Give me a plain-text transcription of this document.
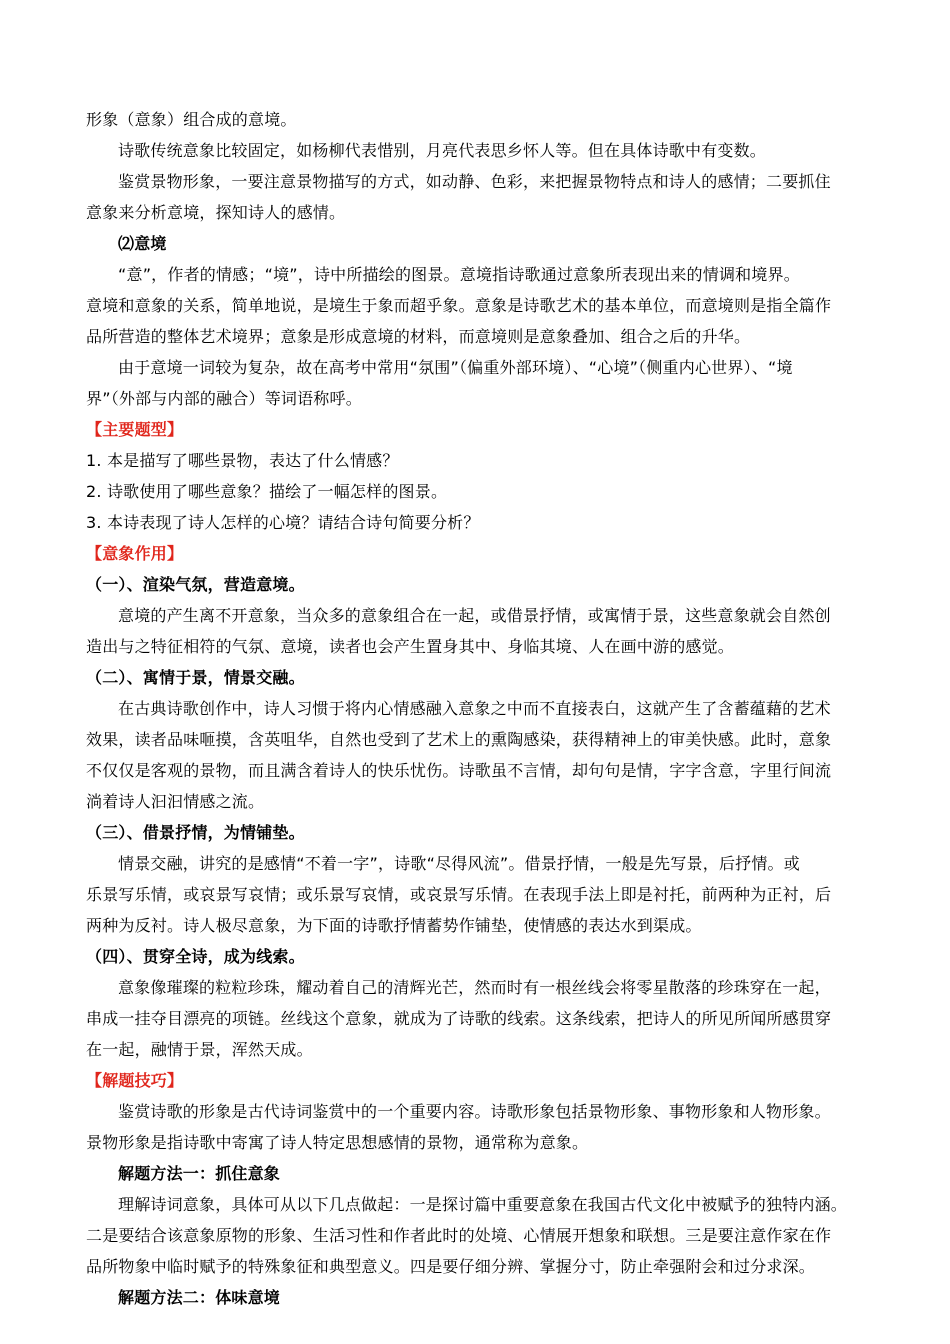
形象（意象）组合成的意境。
诗歌传统意象比较固定，如杨柳代表惜别，月亮代表思乡怀人等。但在具体诗歌中有变数。
鉴赏景物形象，一要注意景物描写的方式，如动静、色彩，来把握景物特点和诗人的感情；二要抓住
意象来分析意境，探知诗人的感情。
⑵意境
“意”，作者的情感；“境”，诗中所描绘的图景。意境指诗歌通过意象所表现出来的情调和境界。
意境和意象的关系，简单地说，是境生于象而超乎象。意象是诗歌艺术的基本单位，而意境则是指全篇作
品所营造的整体艺术境界；意象是形成意境的材料，而意境则是意象叠加、组合之后的升华。
由于意境一词较为复杂，故在高考中常用“氛围”（偏重外部环境）、“心境”（侧重内心世界）、“境
界”（外部与内部的融合）等词语称呼。
【主要题型】
1. 本是描写了哪些景物，表达了什么情感？
2. 诗歌使用了哪些意象？描绘了一幅怎样的图景。
3. 本诗表现了诗人怎样的心境？请结合诗句简要分析？
【意象作用】
（一）、渲染气氛，营造意境。
意境的产生离不开意象，当众多的意象组合在一起，或借景抒情，或寓情于景，这些意象就会自然创
造出与之特征相符的气氛、意境，读者也会产生置身其中、身临其境、人在画中游的感觉。
（二）、寓情于景，情景交融。
在古典诗歌创作中，诗人习惯于将内心情感融入意象之中而不直接表白，这就产生了含蓄蕴藉的艺术
效果，读者品味咂摸，含英咀华，自然也受到了艺术上的熏陶感染，获得精神上的审美快感。此时，意象
不仅仅是客观的景物，而且满含着诗人的快乐忧伤。诗歌虽不言情，却句句是情，字字含意，字里行间流
淌着诗人汩汩情感之流。
（三）、借景抒情，为情铺垫。
情景交融，讲究的是感情“不着一字”，诗歌“尽得风流”。借景抒情，一般是先写景，后抒情。或
乐景写乐情，或哀景写哀情；或乐景写哀情，或哀景写乐情。在表现手法上即是衬托，前两种为正衬，后
两种为反衬。诗人极尽意象，为下面的诗歌抒情蓄势作铺垫，使情感的表达水到渠成。
（四）、贯穿全诗，成为线索。
意象像璀璨的粒粒珍珠，耀动着自己的清辉光芒，然而时有一根丝线会将零星散落的珍珠穿在一起，
串成一挂夺目漂亮的项链。丝线这个意象，就成为了诗歌的线索。这条线索，把诗人的所见所闻所感贯穿
在一起，融情于景，浑然天成。
【解题技巧】
鉴赏诗歌的形象是古代诗词鉴赏中的一个重要内容。诗歌形象包括景物形象、事物形象和人物形象。
景物形象是指诗歌中寄寓了诗人特定思想感情的景物，通常称为意象。
解题方法一：抓住意象
理解诗词意象，具体可从以下几点做起：一是探讨篇中重要意象在我国古代文化中被赋予的独特内涵。
二是要结合该意象原物的形象、生活习性和作者此时的处境、心情展开想象和联想。三是要注意作家在作
品所物象中临时赋予的特殊象征和典型意义。四是要仔细分辨、掌握分寸，防止牵强附会和过分求深。
解题方法二：体味意境
